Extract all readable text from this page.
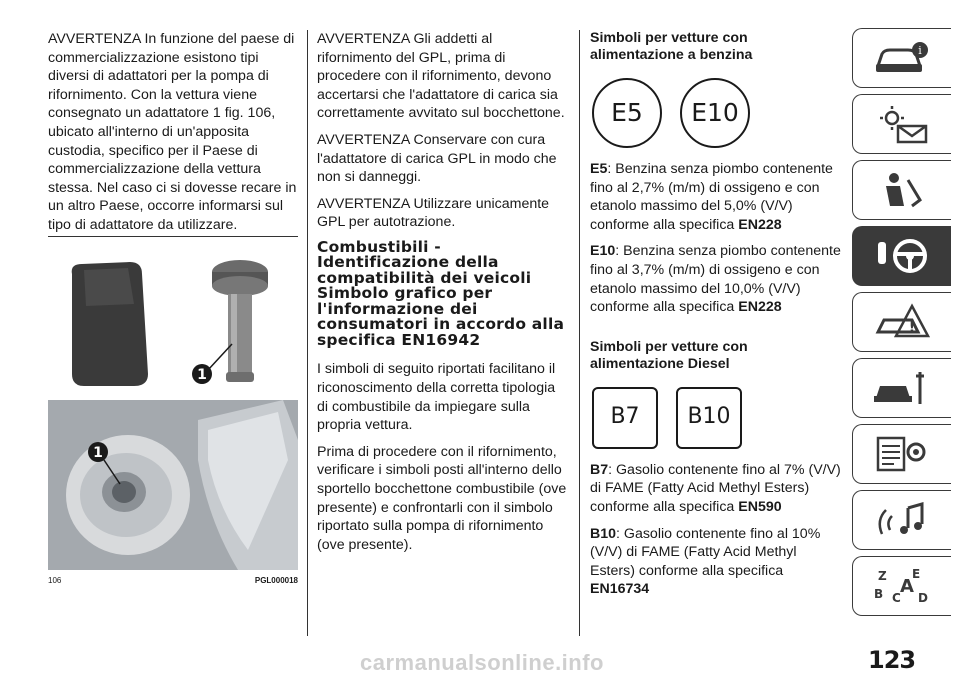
AVVERTENZA In funzione del paese di commercializzazione esistono tipi diversi di adattatori per la pompa di rifornimento. Con la vettura viene consegnato un adattatore 1 fig. 106, ubicato all'interno di un'apposita custodia, specifico per il Paese di commercializzazione della vettura stessa. Nel caso ci si dovesse recare in un altro Paese, occorre informarsi sul tipo di adattatore da utilizzare.

1
1
106	PGL000018

AVVERTENZA Gli addetti al rifornimento del GPL, prima di procedere con il rifornimento, devono accertarsi che l'adattatore di carica sia correttamente avvitato sul bocchettone.

AVVERTENZA Conservare con cura l'adattatore di carica GPL in modo che non si danneggi.

AVVERTENZA Utilizzare unicamente GPL per autotrazione.

Combustibili - Identificazione della compatibilità dei veicoli Simbolo grafico per l'informazione dei consumatori in accordo alla specifica EN16942

I simboli di seguito riportati facilitano il riconoscimento della corretta tipologia di combustibile da impiegare sulla propria vettura.

Prima di procedere con il rifornimento, verificare i simboli posti all'interno dello sportello bocchettone combustibile (ove presente) e confrontarli con il simbolo riportato sulla pompa di rifornimento (ove presente).

Simboli per vetture con alimentazione a benzina
E5	E10

E5: Benzina senza piombo contenente fino al 2,7% (m/m) di ossigeno e con etanolo massimo del 5,0% (V/V) conforme alla specifica EN228

E10: Benzina senza piombo contenente fino al 3,7% (m/m) di ossigeno e con etanolo massimo del 10,0% (V/V) conforme alla specifica EN228

Simboli per vetture con alimentazione Diesel
B7	B10

B7: Gasolio contenente fino al 7% (V/V) di FAME (Fatty Acid Methyl Esters) conforme alla specifica EN590

B10: Gasolio contenente fino al 10% (V/V) di FAME (Fatty Acid Methyl Esters) conforme alla specifica EN16734

i
!
Z E
B C D
A
123
carmanualsonline.info
